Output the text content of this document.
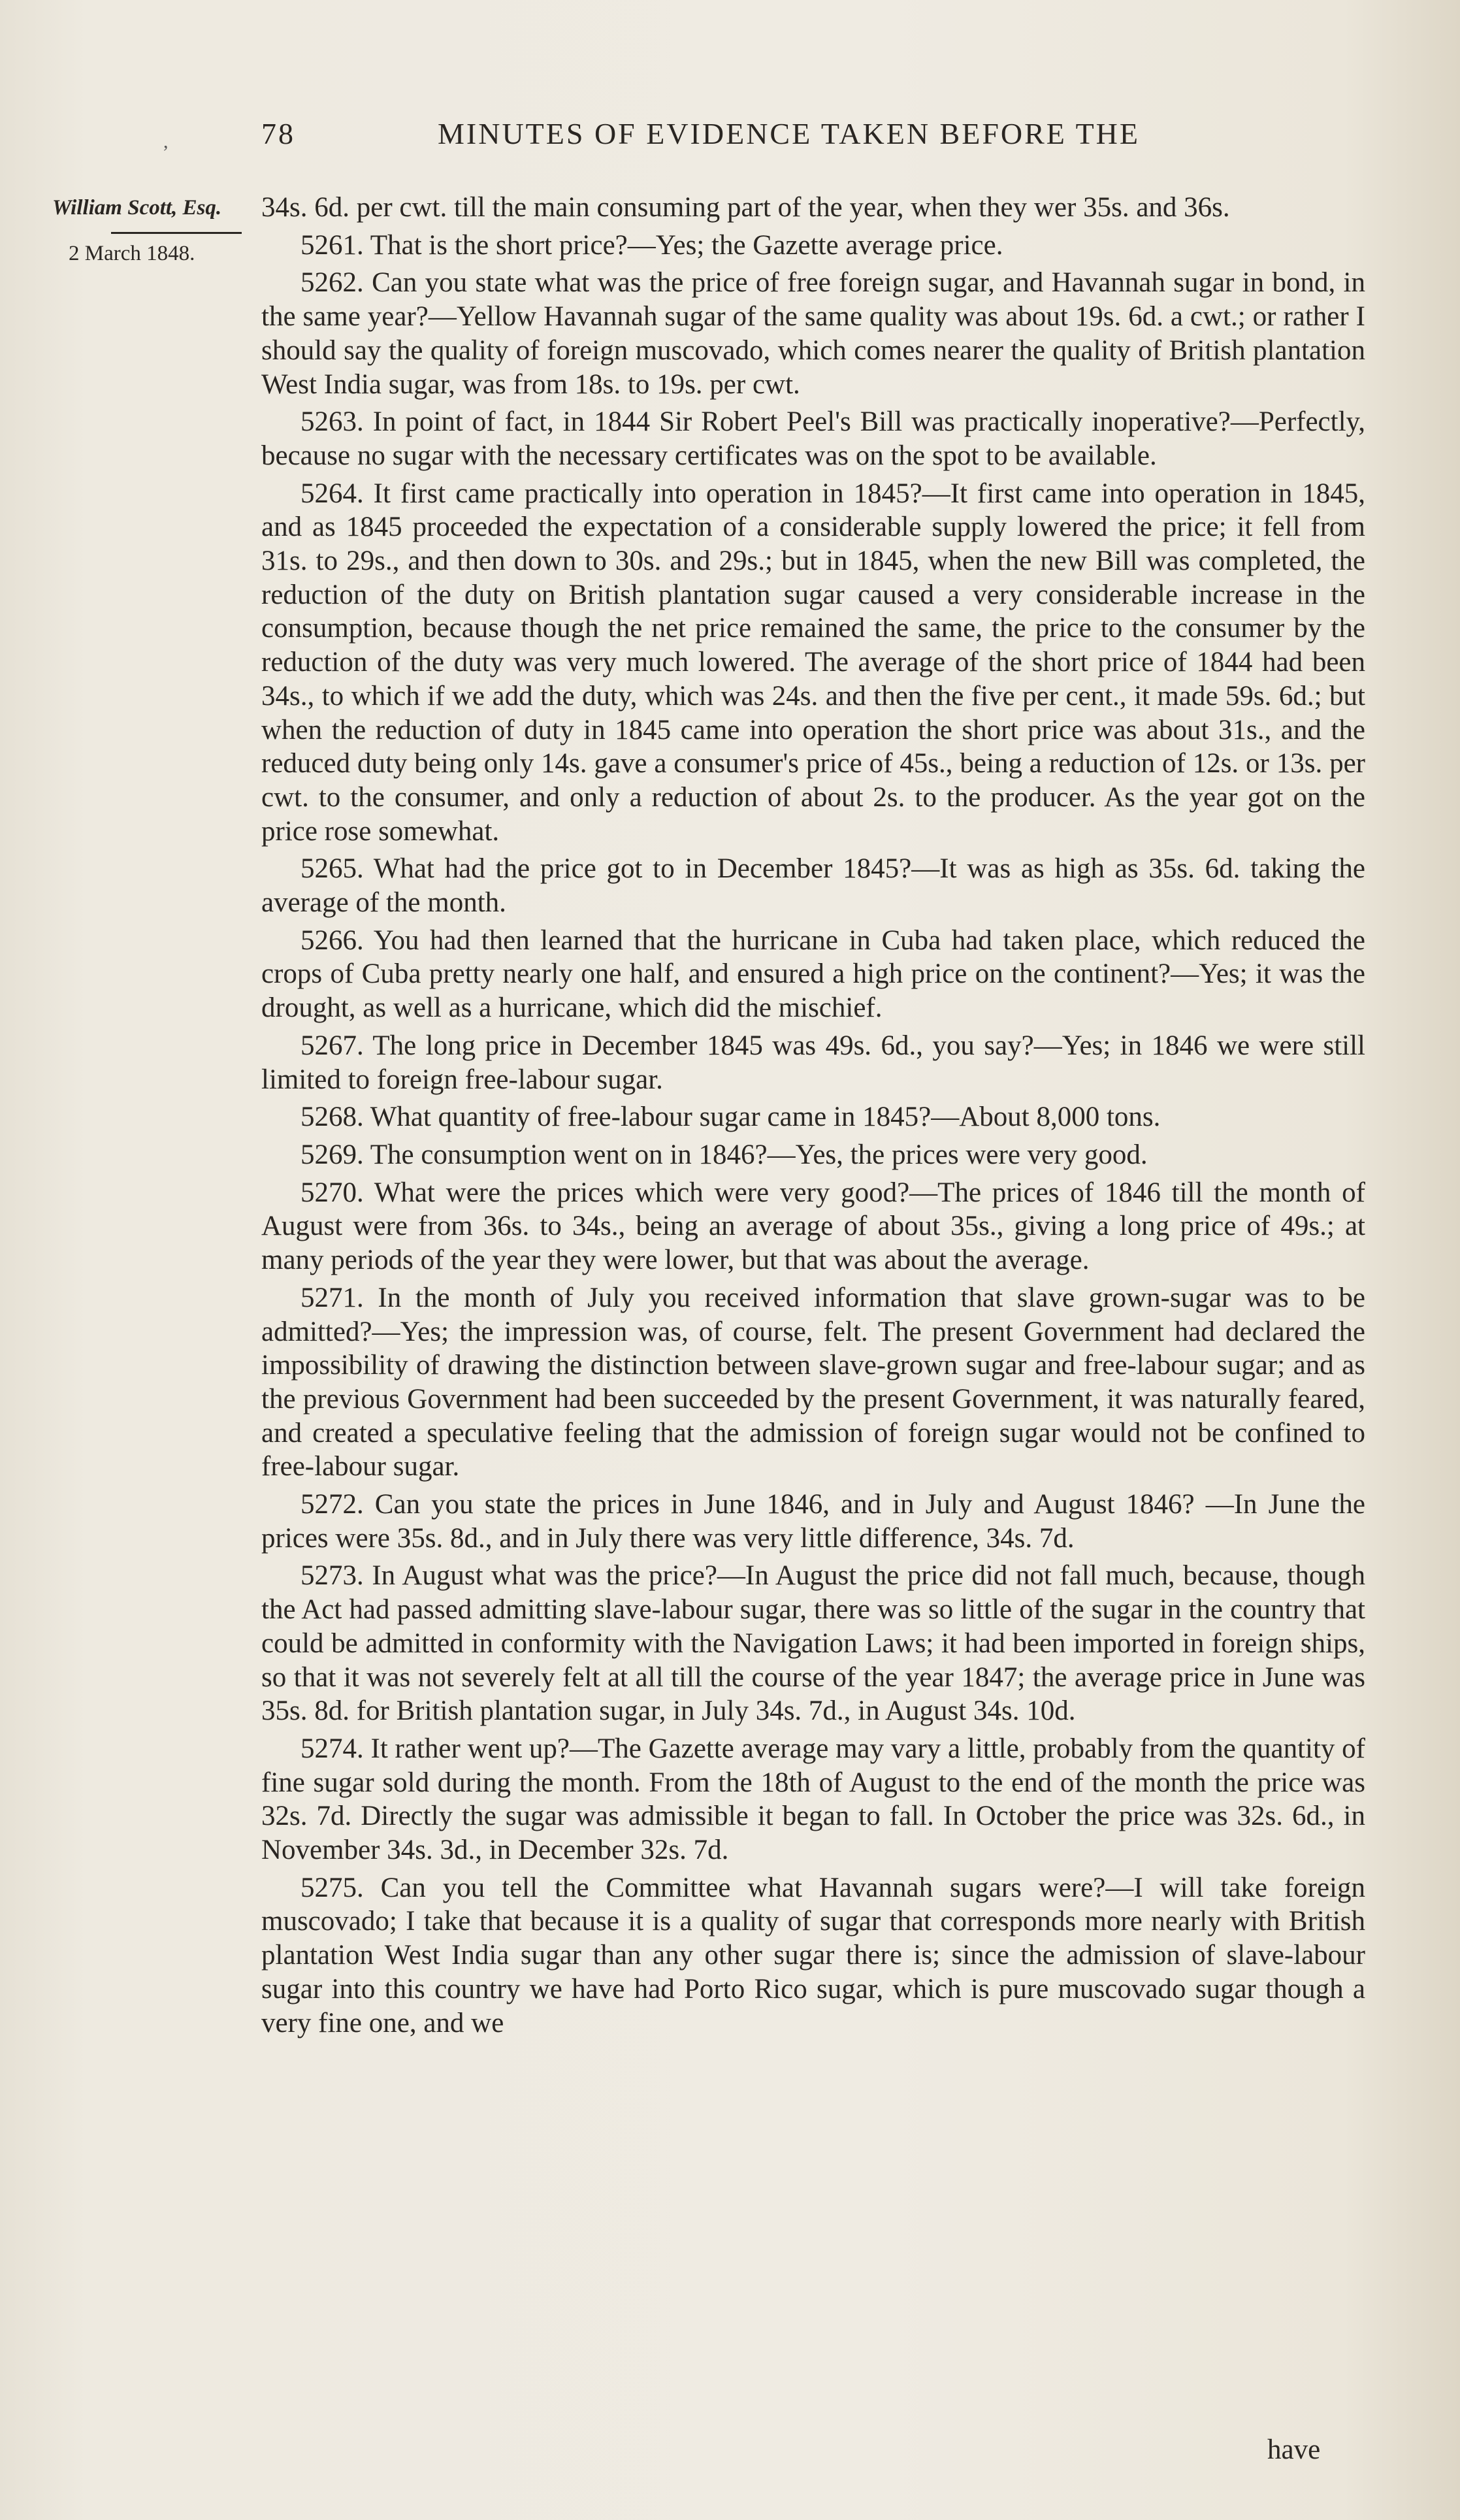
,	78	MINUTES OF EVIDENCE TAKEN BEFORE THE
William Scott, Esq.
2 March 1848.

34s. 6d. per cwt. till the main consuming part of the year, when they wer 35s. and 36s.

5261. That is the short price?—Yes; the Gazette average price.

5262. Can you state what was the price of free foreign sugar, and Havannah sugar in bond, in the same year?—Yellow Havannah sugar of the same quality was about 19s. 6d. a cwt.; or rather I should say the quality of foreign muscovado, which comes nearer the quality of British plantation West India sugar, was from 18s. to 19s. per cwt.

5263. In point of fact, in 1844 Sir Robert Peel's Bill was practically inoperative?—Perfectly, because no sugar with the necessary certificates was on the spot to be available.

5264. It first came practically into operation in 1845?—It first came into operation in 1845, and as 1845 proceeded the expectation of a considerable supply lowered the price; it fell from 31s. to 29s., and then down to 30s. and 29s.; but in 1845, when the new Bill was completed, the reduction of the duty on British plantation sugar caused a very considerable increase in the consumption, because though the net price remained the same, the price to the consumer by the reduction of the duty was very much lowered. The average of the short price of 1844 had been 34s., to which if we add the duty, which was 24s. and then the five per cent., it made 59s. 6d.; but when the reduction of duty in 1845 came into operation the short price was about 31s., and the reduced duty being only 14s. gave a consumer's price of 45s., being a reduction of 12s. or 13s. per cwt. to the consumer, and only a reduction of about 2s. to the producer. As the year got on the price rose somewhat.

5265. What had the price got to in December 1845?—It was as high as 35s. 6d. taking the average of the month.

5266. You had then learned that the hurricane in Cuba had taken place, which reduced the crops of Cuba pretty nearly one half, and ensured a high price on the continent?—Yes; it was the drought, as well as a hurricane, which did the mischief.

5267. The long price in December 1845 was 49s. 6d., you say?—Yes; in 1846 we were still limited to foreign free-labour sugar.

5268. What quantity of free-labour sugar came in 1845?—About 8,000 tons.

5269. The consumption went on in 1846?—Yes, the prices were very good.

5270. What were the prices which were very good?—The prices of 1846 till the month of August were from 36s. to 34s., being an average of about 35s., giving a long price of 49s.; at many periods of the year they were lower, but that was about the average.

5271. In the month of July you received information that slave grown-sugar was to be admitted?—Yes; the impression was, of course, felt. The present Government had declared the impossibility of drawing the distinction between slave-grown sugar and free-labour sugar; and as the previous Government had been succeeded by the present Government, it was naturally feared, and created a speculative feeling that the admission of foreign sugar would not be confined to free-labour sugar.

5272. Can you state the prices in June 1846, and in July and August 1846? —In June the prices were 35s. 8d., and in July there was very little difference, 34s. 7d.

5273. In August what was the price?—In August the price did not fall much, because, though the Act had passed admitting slave-labour sugar, there was so little of the sugar in the country that could be admitted in conformity with the Navigation Laws; it had been imported in foreign ships, so that it was not severely felt at all till the course of the year 1847; the average price in June was 35s. 8d. for British plantation sugar, in July 34s. 7d., in August 34s. 10d.

5274. It rather went up?—The Gazette average may vary a little, probably from the quantity of fine sugar sold during the month. From the 18th of August to the end of the month the price was 32s. 7d. Directly the sugar was admissible it began to fall. In October the price was 32s. 6d., in November 34s. 3d., in December 32s. 7d.

5275. Can you tell the Committee what Havannah sugars were?—I will take foreign muscovado; I take that because it is a quality of sugar that corresponds more nearly with British plantation West India sugar than any other sugar there is; since the admission of slave-labour sugar into this country we have had Porto Rico sugar, which is pure muscovado sugar though a very fine one, and we

have
